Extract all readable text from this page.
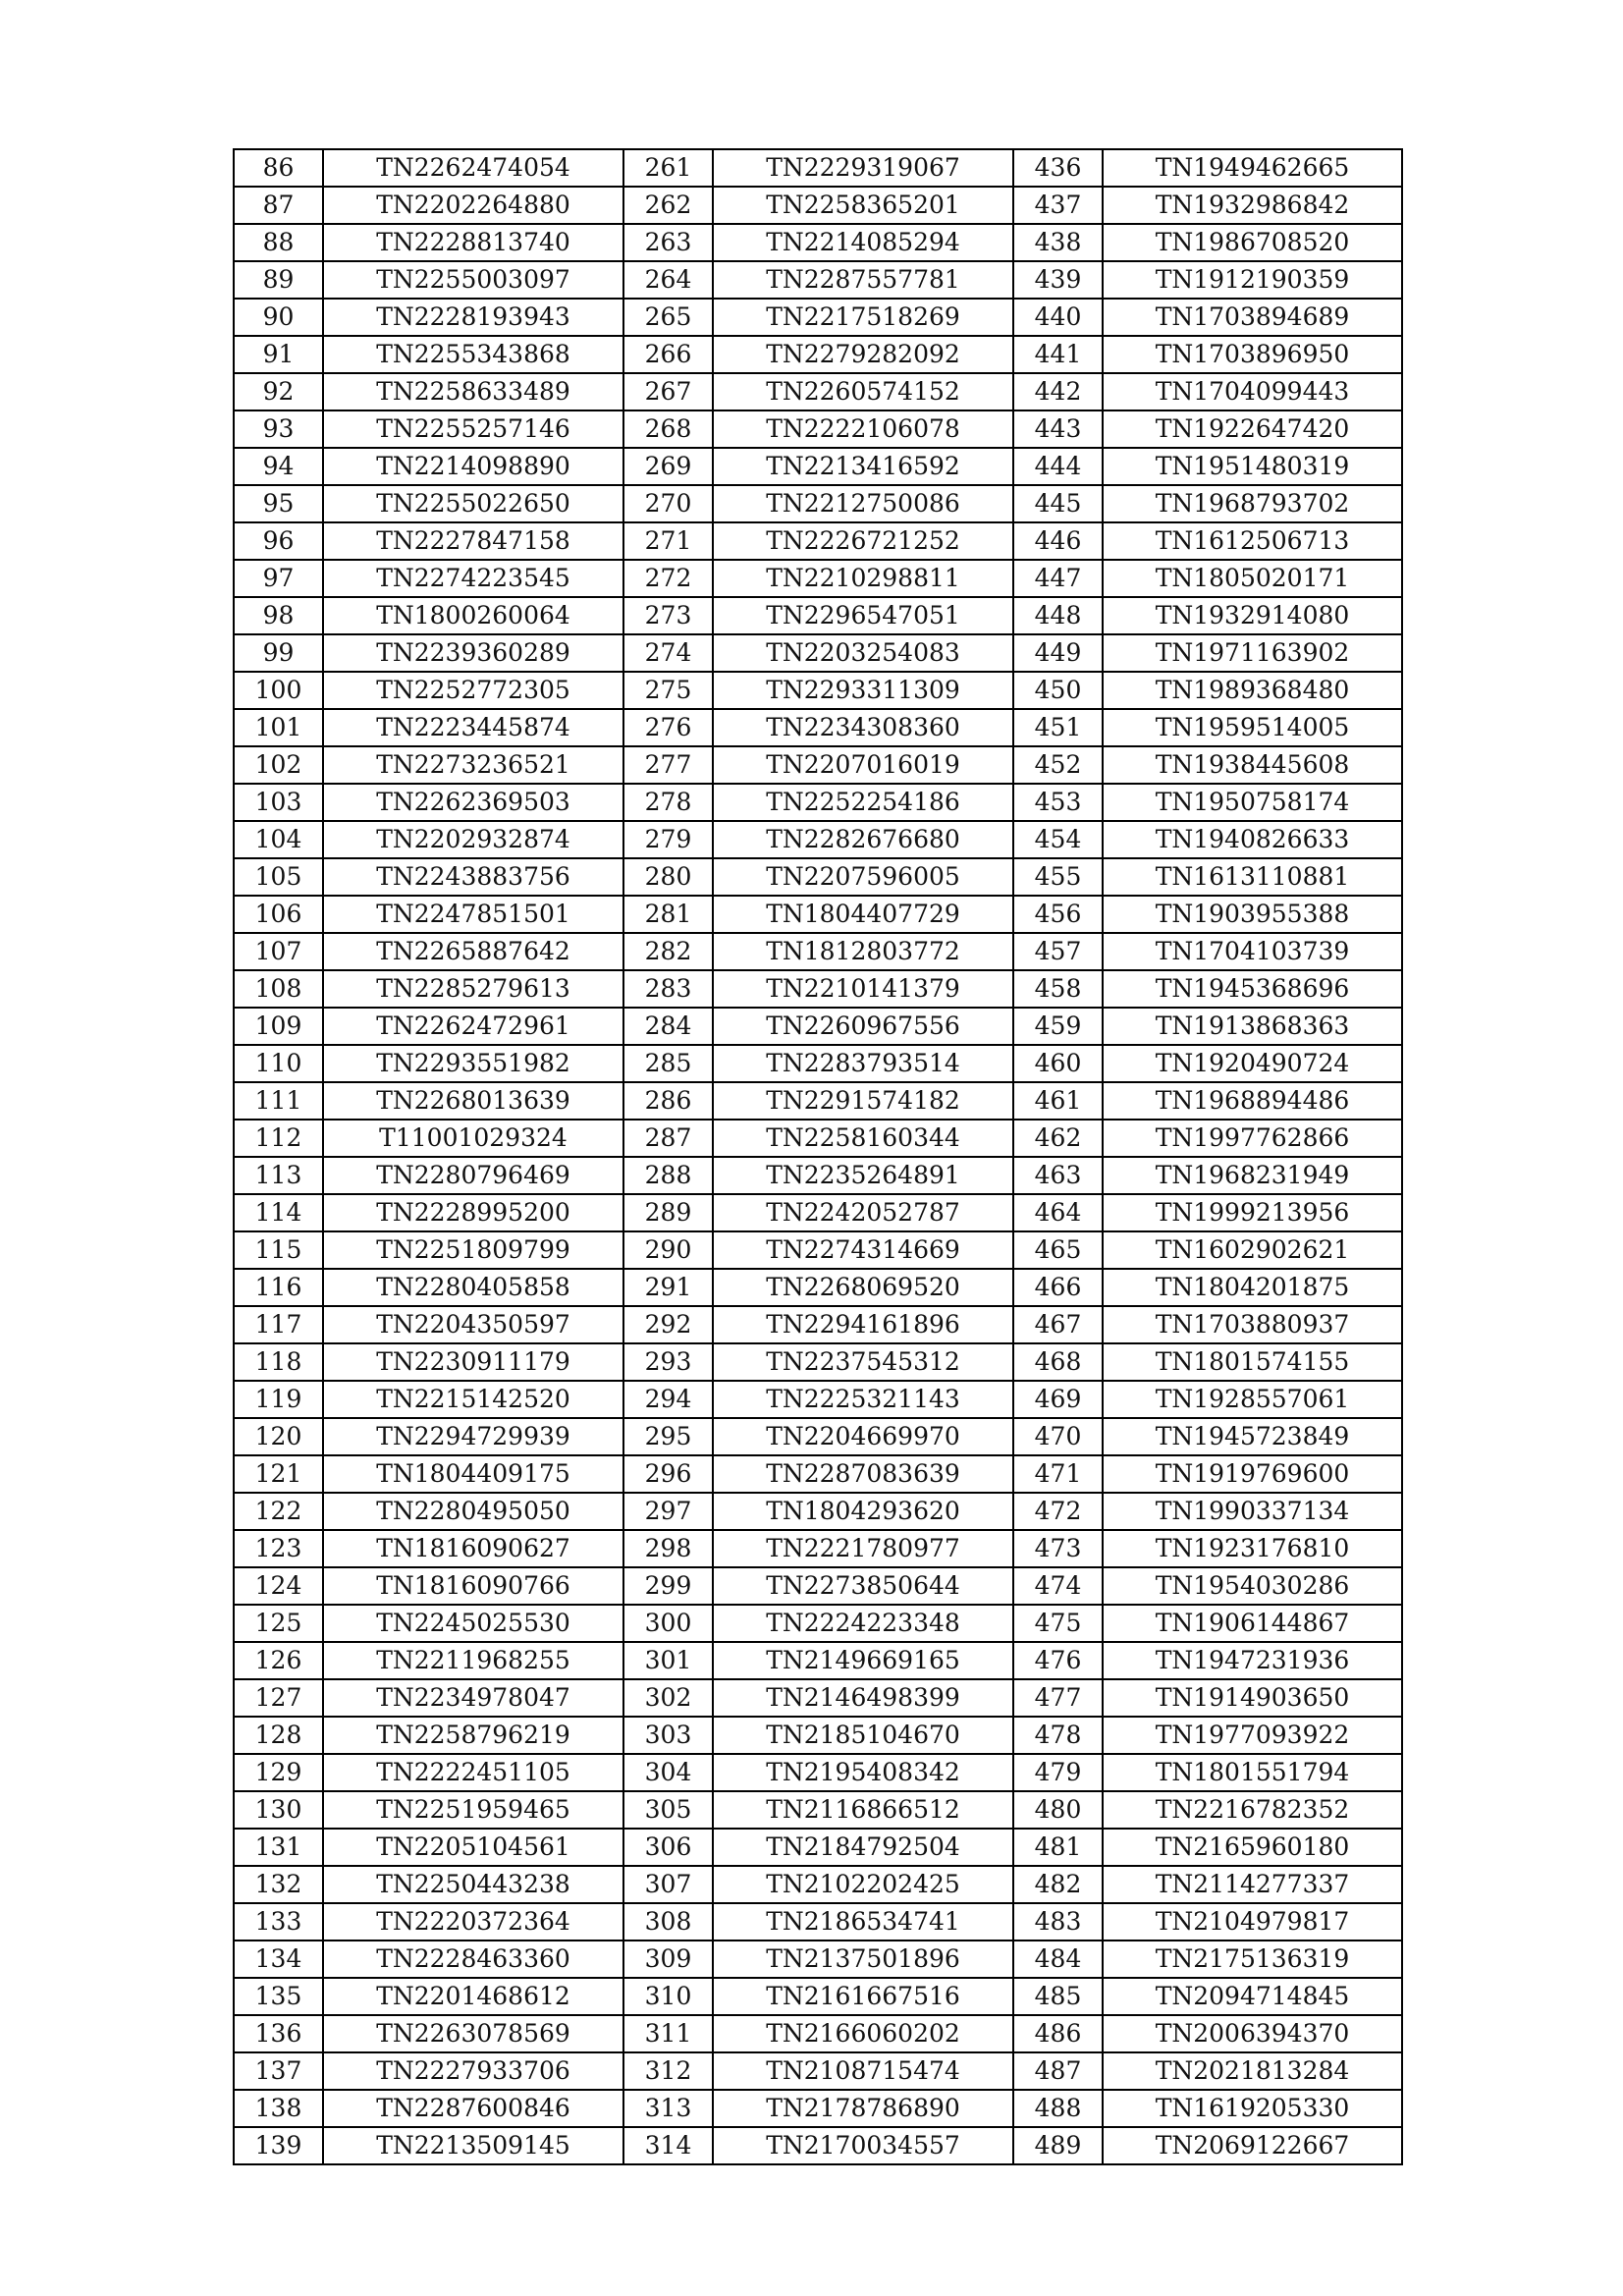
86	TN2262474054	261	TN2229319067	436	TN1949462665
87	TN2202264880	262	TN2258365201	437	TN1932986842
88	TN2228813740	263	TN2214085294	438	TN1986708520
89	TN2255003097	264	TN2287557781	439	TN1912190359
90	TN2228193943	265	TN2217518269	440	TN1703894689
91	TN2255343868	266	TN2279282092	441	TN1703896950
92	TN2258633489	267	TN2260574152	442	TN1704099443
93	TN2255257146	268	TN2222106078	443	TN1922647420
94	TN2214098890	269	TN2213416592	444	TN1951480319
95	TN2255022650	270	TN2212750086	445	TN1968793702
96	TN2227847158	271	TN2226721252	446	TN1612506713
97	TN2274223545	272	TN2210298811	447	TN1805020171
98	TN1800260064	273	TN2296547051	448	TN1932914080
99	TN2239360289	274	TN2203254083	449	TN1971163902
100	TN2252772305	275	TN2293311309	450	TN1989368480
101	TN2223445874	276	TN2234308360	451	TN1959514005
102	TN2273236521	277	TN2207016019	452	TN1938445608
103	TN2262369503	278	TN2252254186	453	TN1950758174
104	TN2202932874	279	TN2282676680	454	TN1940826633
105	TN2243883756	280	TN2207596005	455	TN1613110881
106	TN2247851501	281	TN1804407729	456	TN1903955388
107	TN2265887642	282	TN1812803772	457	TN1704103739
108	TN2285279613	283	TN2210141379	458	TN1945368696
109	TN2262472961	284	TN2260967556	459	TN1913868363
110	TN2293551982	285	TN2283793514	460	TN1920490724
111	TN2268013639	286	TN2291574182	461	TN1968894486
112	T11001029324	287	TN2258160344	462	TN1997762866
113	TN2280796469	288	TN2235264891	463	TN1968231949
114	TN2228995200	289	TN2242052787	464	TN1999213956
115	TN2251809799	290	TN2274314669	465	TN1602902621
116	TN2280405858	291	TN2268069520	466	TN1804201875
117	TN2204350597	292	TN2294161896	467	TN1703880937
118	TN2230911179	293	TN2237545312	468	TN1801574155
119	TN2215142520	294	TN2225321143	469	TN1928557061
120	TN2294729939	295	TN2204669970	470	TN1945723849
121	TN1804409175	296	TN2287083639	471	TN1919769600
122	TN2280495050	297	TN1804293620	472	TN1990337134
123	TN1816090627	298	TN2221780977	473	TN1923176810
124	TN1816090766	299	TN2273850644	474	TN1954030286
125	TN2245025530	300	TN2224223348	475	TN1906144867
126	TN2211968255	301	TN2149669165	476	TN1947231936
127	TN2234978047	302	TN2146498399	477	TN1914903650
128	TN2258796219	303	TN2185104670	478	TN1977093922
129	TN2222451105	304	TN2195408342	479	TN1801551794
130	TN2251959465	305	TN2116866512	480	TN2216782352
131	TN2205104561	306	TN2184792504	481	TN2165960180
132	TN2250443238	307	TN2102202425	482	TN2114277337
133	TN2220372364	308	TN2186534741	483	TN2104979817
134	TN2228463360	309	TN2137501896	484	TN2175136319
135	TN2201468612	310	TN2161667516	485	TN2094714845
136	TN2263078569	311	TN2166060202	486	TN2006394370
137	TN2227933706	312	TN2108715474	487	TN2021813284
138	TN2287600846	313	TN2178786890	488	TN1619205330
139	TN2213509145	314	TN2170034557	489	TN2069122667
